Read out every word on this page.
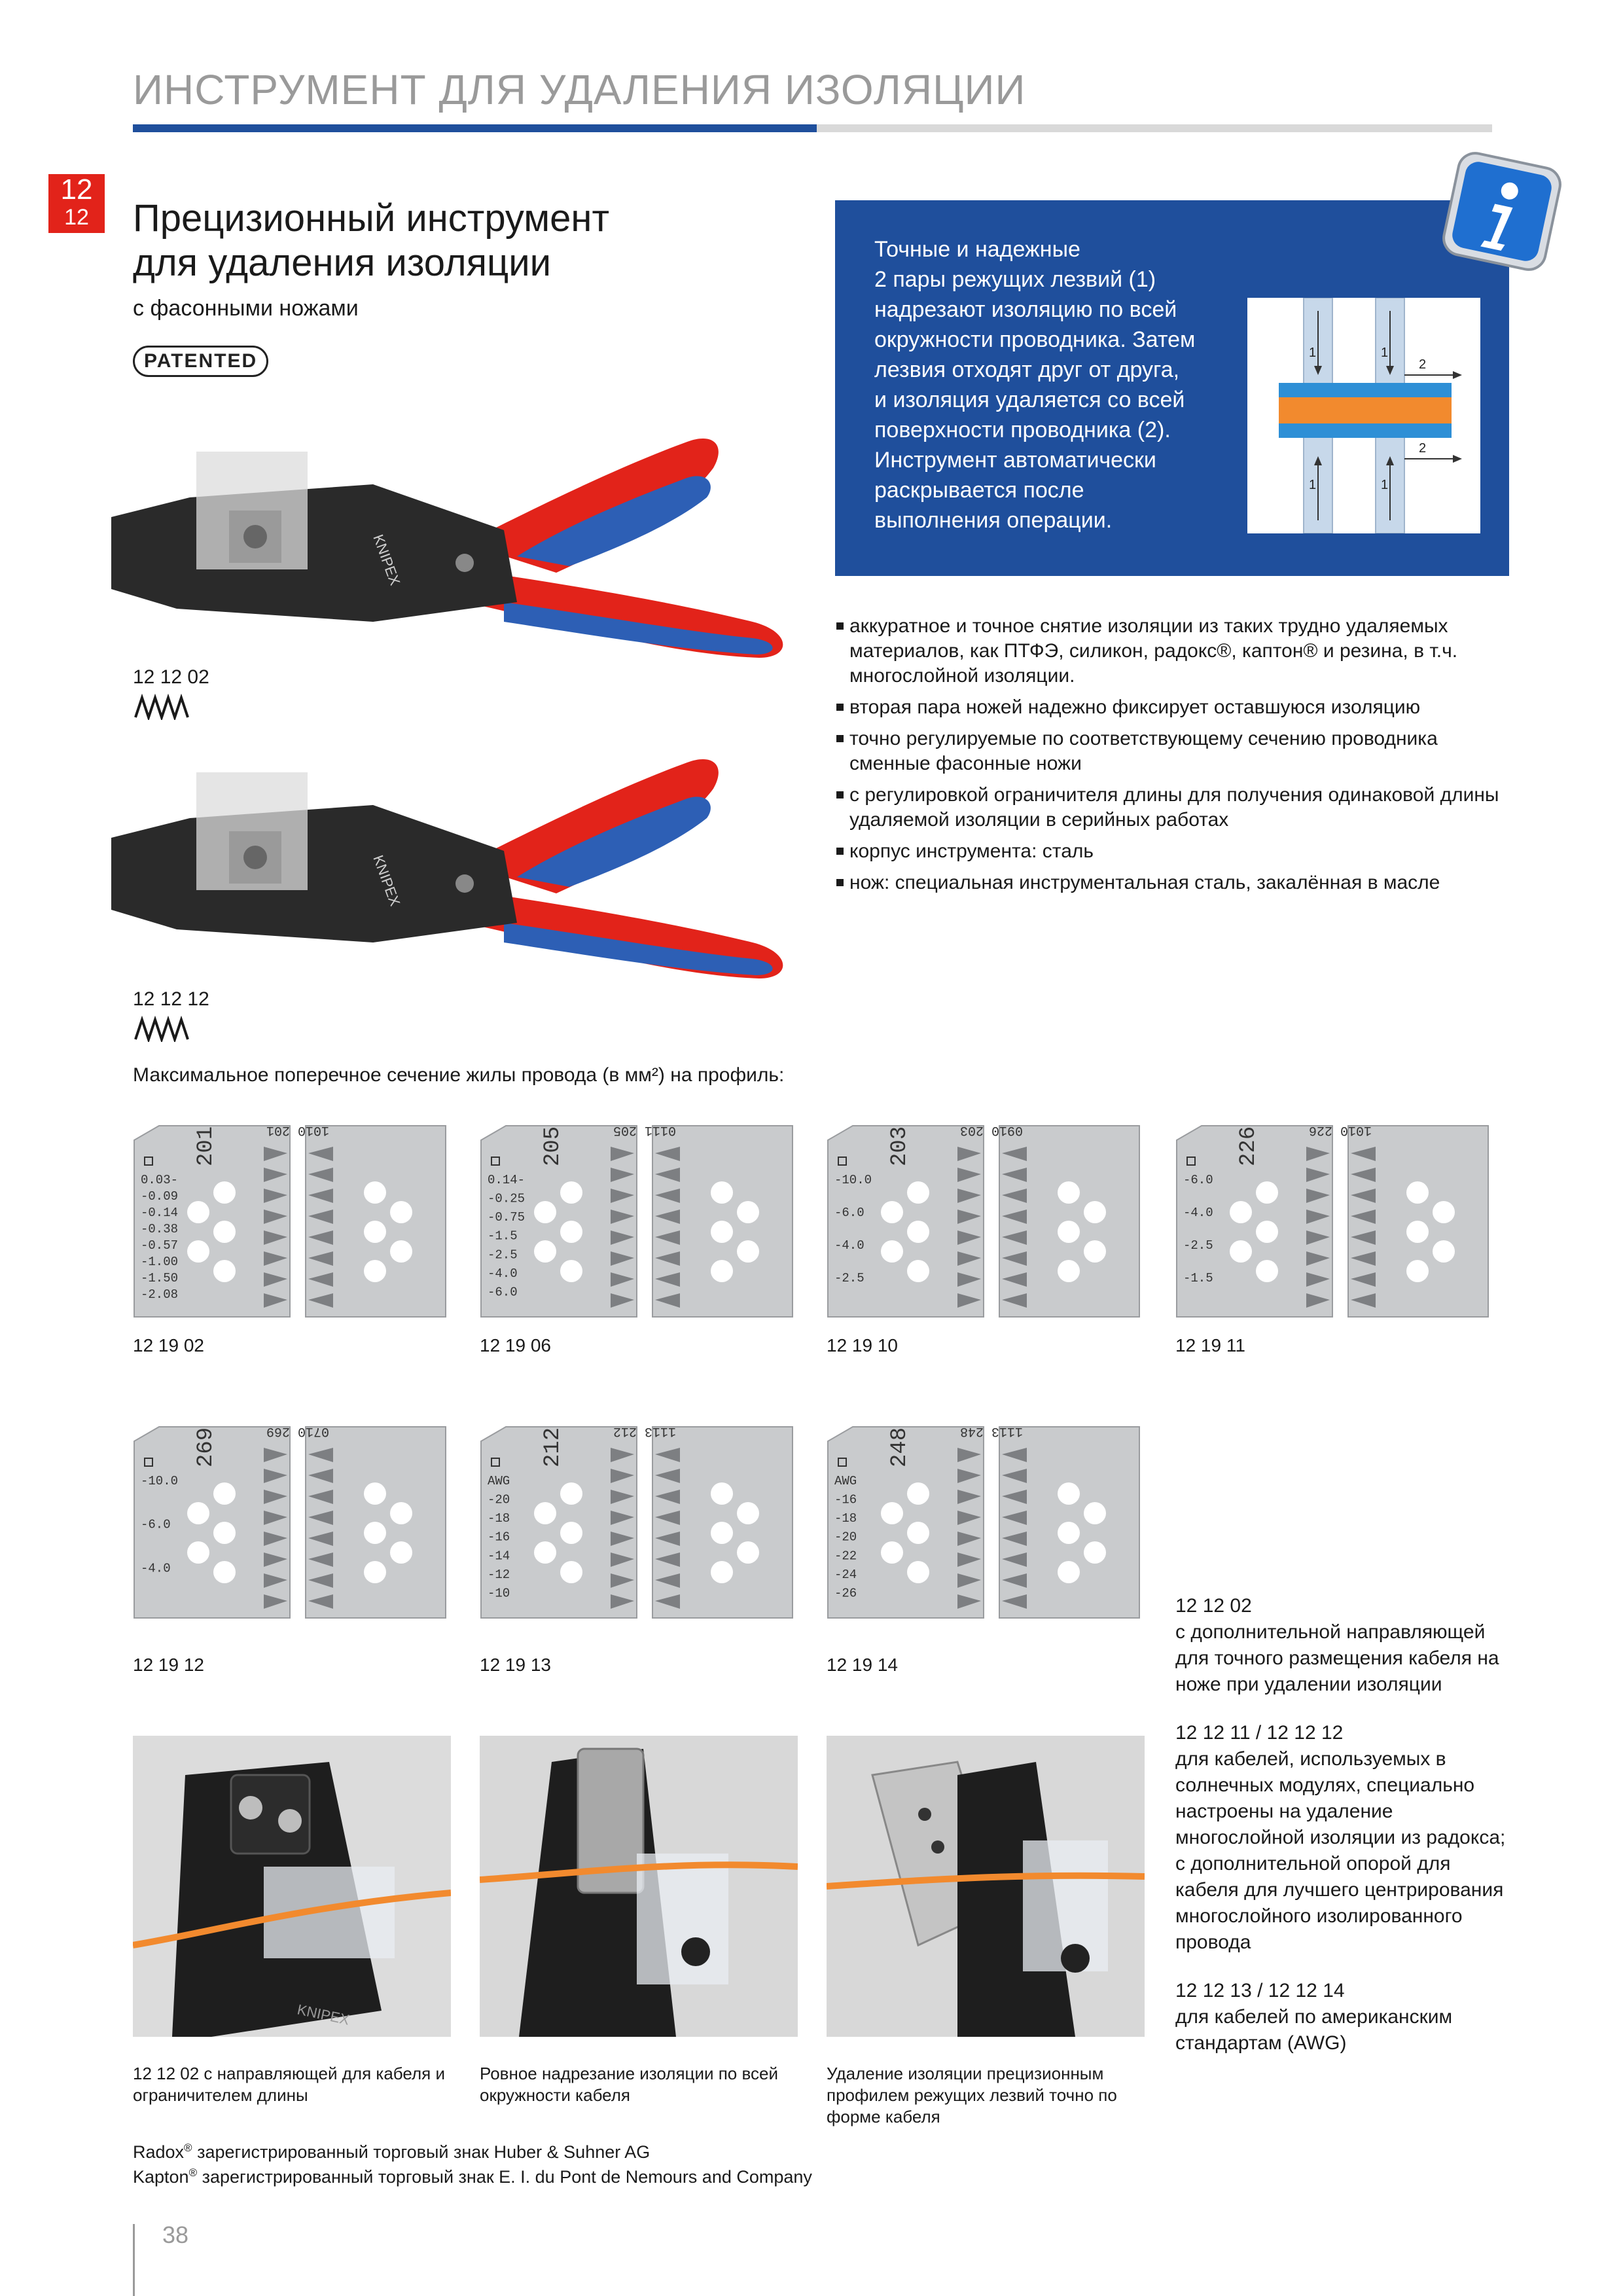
ИНСТРУМЕНТ ДЛЯ УДАЛЕНИЯ ИЗОЛЯЦИИ
12
12	Прецизионный инструмент
для удаления изоляции
с фасонными ножами
PATENTED
Точные и надежные
2 пары режущих лезвий (1)
надрезают изоляцию по всей
окружности проводника. Затем
лезвия отходят друг от друга,
и изоляция удаляется со всей
поверхности проводника (2).
Инструмент автоматически
раскрывается после
выполнения операции.
1	1
2
1	1
2
аккуратное и точное снятие изоляции из таких трудно удаляемых материалов, как ПТФЭ, силикон, радокс®, каптон® и резина, в т.ч. многослойной изоляции.
вторая пара ножей надежно фиксирует оставшуюся изоляцию
точно регулируемые по соответствующему сечению проводника сменные фасонные ножи
с регулировкой ограничителя длины для получения одинаковой длины удаляемой изоляции в серийных работах
корпус инструмента: сталь
нож: специальная инструментальная сталь, закалённая в масле
KNIPEX
12 12 02
KNIPEX
12 12 12
Максимальное поперечное сечение жилы провода (в мм²) на профиль:
1010 201
201
0.03-
-0.09
-0.14
-0.38
-0.57
-1.00
-1.50
-2.08
12 19 02
0111 205
205
0.14-
-0.25
-0.75
-1.5
-2.5
-4.0
-6.0
12 19 06
0910 203
203
-10.0
-6.0
-4.0
-2.5
12 19 10
1010 226
226
-6.0
-4.0
-2.5
-1.5
12 19 11
0710 269
269
-10.0
-6.0
-4.0
12 19 12
1113 212
212
AWG
-20
-18
-16
-14
-12
-10
12 19 13
1113 248
248
AWG
-16
-18
-20
-22
-24
-26
12 19 14
12 12 02
с дополнительной направляющей для точного размещения кабеля на ноже при удалении изоляции
12 12 11 / 12 12 12
для кабелей, используемых в солнечных модулях, специально настроены на удаление многослойной изоляции из радокса; с дополнительной опорой для кабеля для лучшего центрирования многослойного изолированного провода
12 12 13 / 12 12 14
для кабелей по американским стандартам (AWG)
KNIPEX
12 12 02 с направляющей для кабеля и ограничителем длины
Ровное надрезание изоляции по всей окружности кабеля
Удаление изоляции прецизионным профилем режущих лезвий точно по форме кабеля
Radox® зарегистрированный торговый знак Huber & Suhner AG
Kapton® зарегистрированный торговый знак E. I. du Pont de Nemours and Company
38
